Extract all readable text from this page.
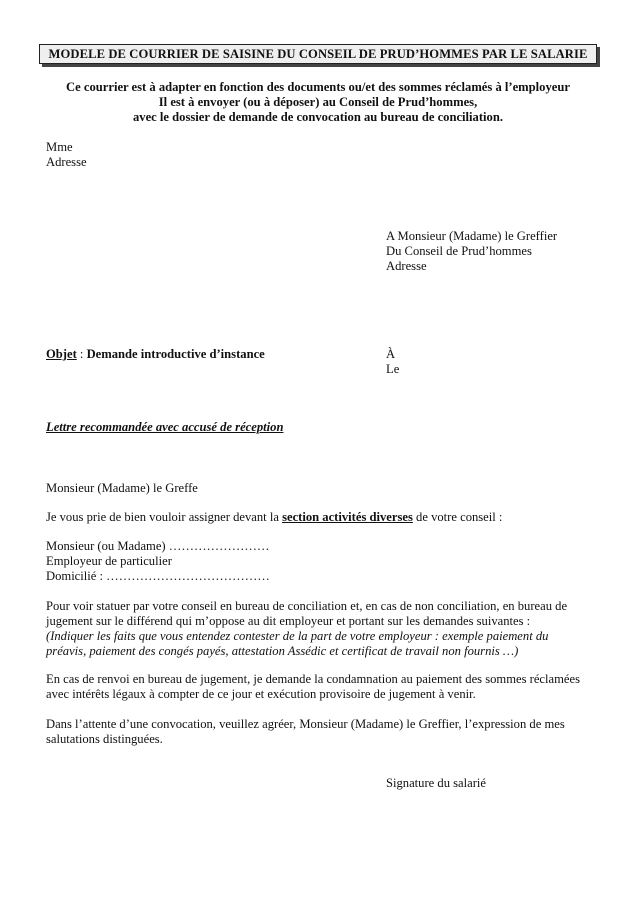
MODELE DE COURRIER DE SAISINE DU CONSEIL DE PRUD’HOMMES PAR LE SALARIE
Ce courrier est à adapter en fonction des documents ou/et des sommes réclamés à l’employeur
Il est à envoyer (ou à déposer) au Conseil de Prud’hommes,
avec le dossier de demande de convocation au bureau de conciliation.
Mme
Adresse
A Monsieur (Madame) le Greffier
Du Conseil de Prud’hommes
Adresse
Objet : Demande introductive d’instance	À
Le
Lettre recommandée avec accusé de réception
Monsieur (Madame) le Greffe
Je vous prie de bien vouloir assigner devant la section activités diverses de votre conseil :
Monsieur (ou Madame) ……………………
Employeur de particulier
Domicilié : …………………………………
Pour voir statuer par votre conseil en bureau de conciliation et, en cas de non conciliation, en bureau de
jugement sur le différend qui m’oppose au dit employeur et portant sur les demandes suivantes :
(Indiquer les faits que vous entendez contester de la part de votre employeur : exemple paiement du
préavis, paiement des congés payés, attestation Assédic et certificat de travail non fournis …)
En cas de renvoi en bureau de jugement, je demande la condamnation au paiement des sommes réclamées
avec intérêts légaux à compter de ce jour et exécution provisoire de jugement à venir.
Dans l’attente d’une convocation, veuillez agréer, Monsieur (Madame) le Greffier, l’expression de mes
salutations distinguées.
Signature du salarié
